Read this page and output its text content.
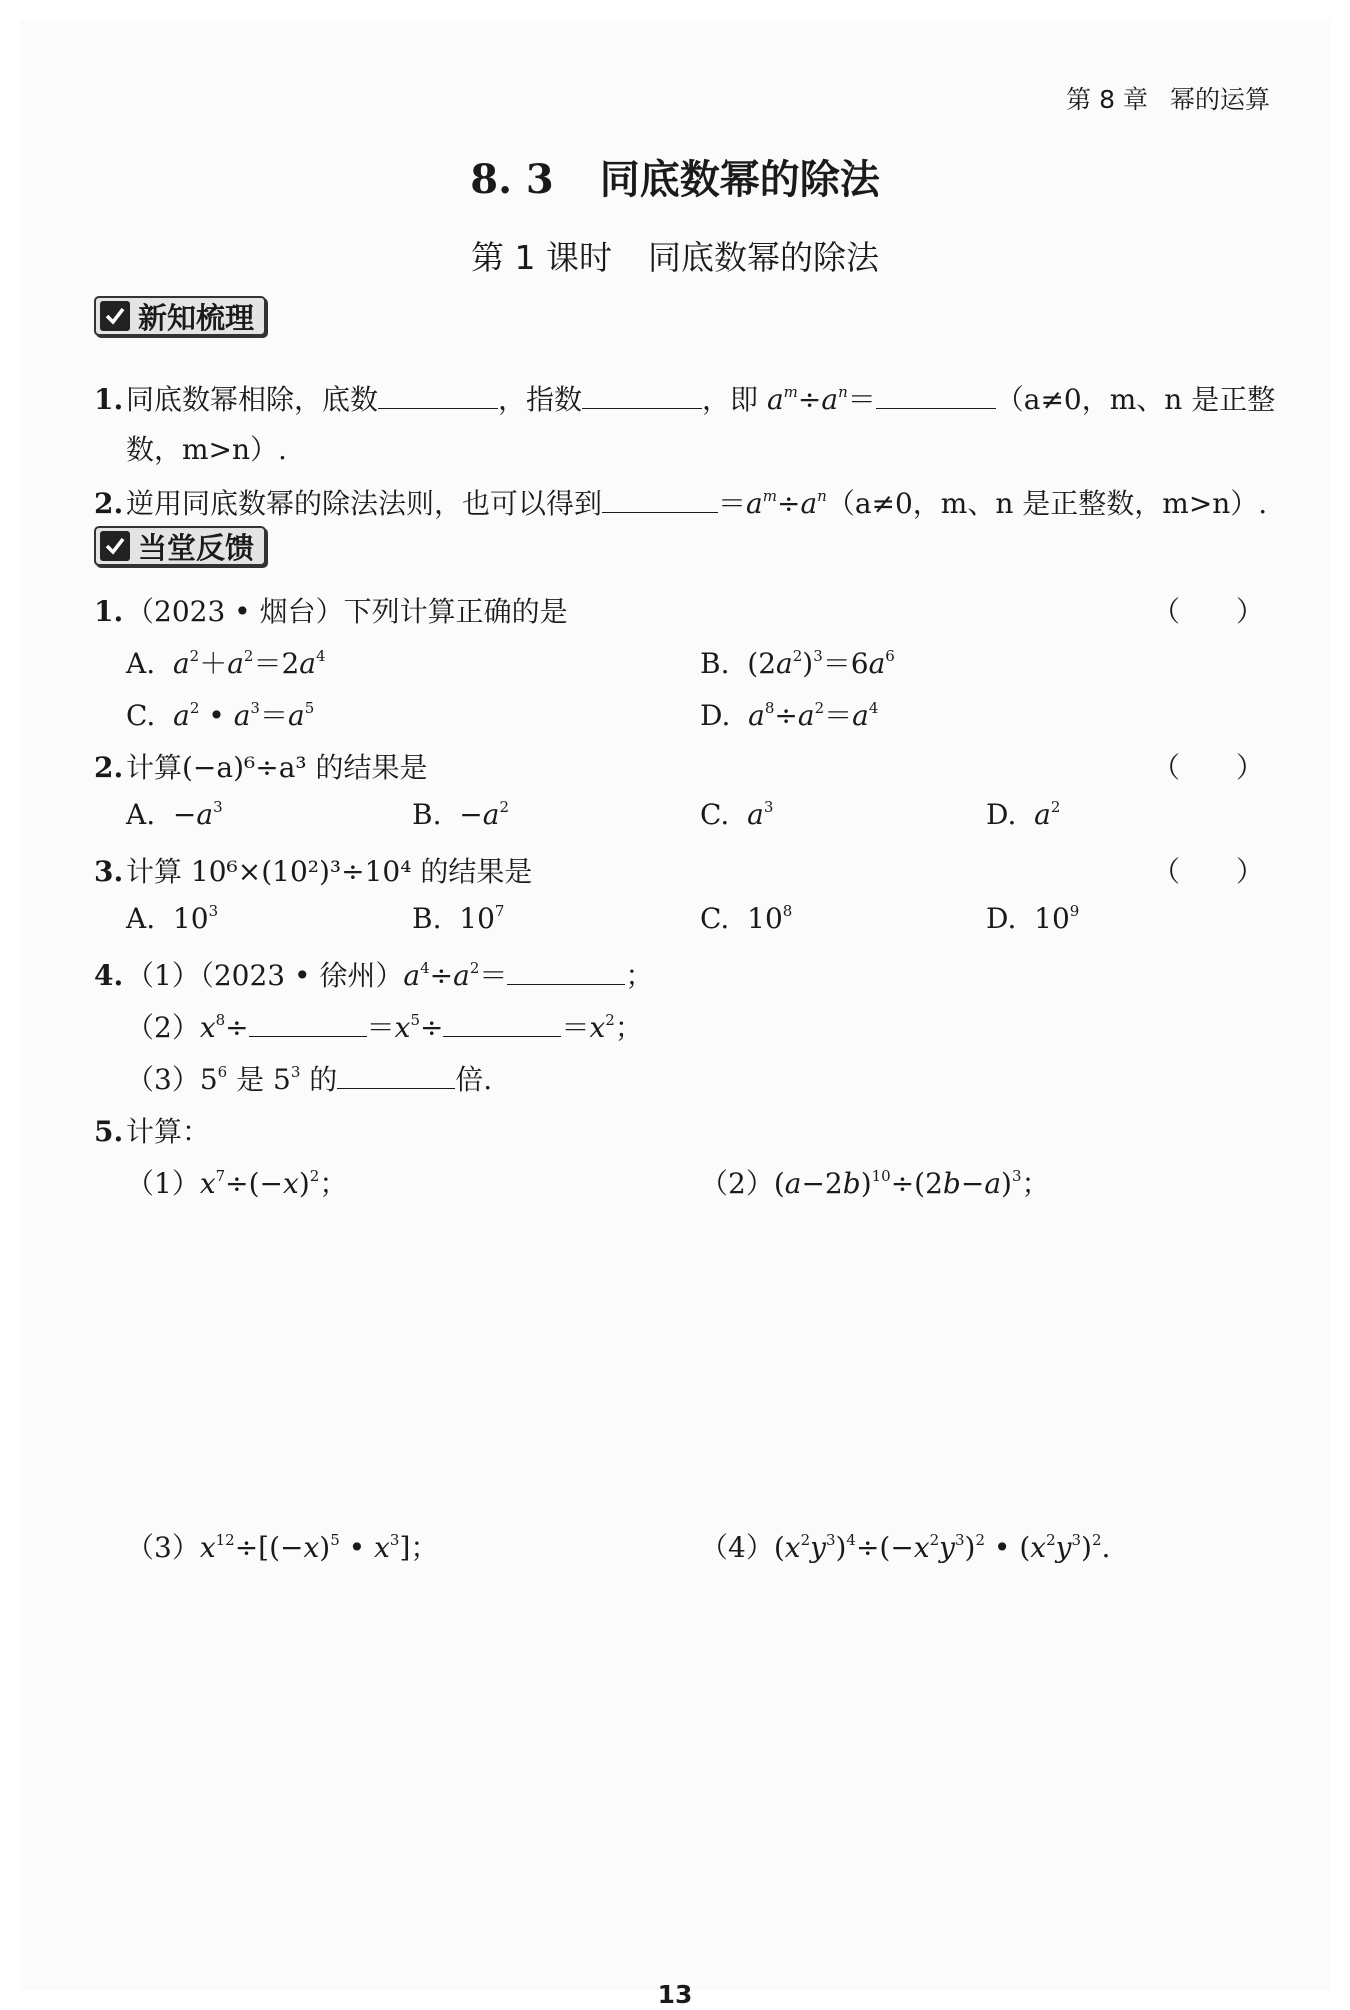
第 8 章 幂的运算
8. 3 同底数幂的除法
第 1 课时 同底数幂的除法
新知梳理
1.同底数幂相除，底数	，指数	，即 $a^m\div a^n=$	（a≠0，m、n 是正整
数，m>n）.
2.逆用同底数幂的除法法则，也可以得到	$=a^m\div a^n(a\ne 0$，m、n 是正整数，m>n）.
当堂反馈
1.（2023 • 烟台）下列计算正确的是	（ ）
A. $a^2+a^2=2a^4$	B.  $(2a^2)^3=6a^6$
C. $a^2$ • $a^3=a^5$	D. $a^8\div a^2=a^4$
2.计算(−a)⁶÷a³ 的结果是	（ ）
A.  $-a^3$	B.  $-a^2$	C. $a^3$	D. $a^2$
3.计算 10⁶×(10²)³÷10⁴ 的结果是	（ ）
A.  $10^3$	B.  $10^7$	C.  $10^8$	D.  $10^9$
4.（1）（2023 • 徐州）$a^4\div a^2=$	；
$(2)x^8\div$	$=x^5\div$	$=x^2$；
$(3)5^6$ 是 $5^3$ 的	倍.
5.计算：
$(1)x^7\div(-x)^2$；	$(2)(a-2b)^{10}\div(2b-a)^3$；
$(3)x^{12}\div[(-x)^5$ • $x^3$]；	$(4)(x^2y^3)^4\div(-x^2y^3)^2$ • $(x^2y^3)^2$.
13
